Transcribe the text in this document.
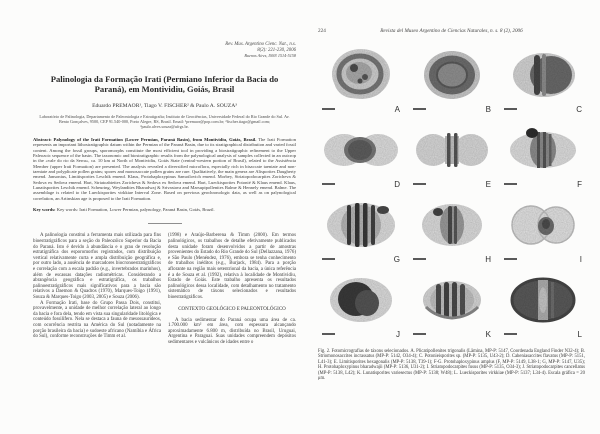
Rev. Mus. Argentino Cienc. Nat., n.s.
8(2): 221-230, 2006
Buenos Aires, ISSN 1514-5158
Palinologia da Formação Irati (Permiano Inferior da Bacia do Paraná), em Montividiu, Goiás, Brasil
Eduardo PREMAOR¹, Tiago V. FISCHER² & Paulo A. SOUZA³
Laboratório de Palinologia, Departamento de Paleontologia e Estratigrafia; Instituto de Geociências, Universidade Federal do Rio Grande do Sul. Av. Bento Gonçalves, 9500, CEP 91.540-000, Porto Alegre, RS, Brasil. Email: ¹premaor@pop.com.br; ²fischer.tiago@gmail.com; ³paulo.alves.souza@ufrgs.br.

Abstract: Palynology of the Irati Formation (Lower Permian, Paraná Basin), from Montividiu, Goiás, Brasil. The Irati Formation represents an important lithostratigraphic datum within the Permian of the Paraná Basin, due to its stratigraphical distribution and varied fossil content. Among the fossil groups, sporomorphs constitute the most efficient tool in providing a biostratigraphic refinement to the Upper Paleozoic sequence of the basin. The taxonomic and biostratigraphic results from the palynological analysis of samples collected in an outcrop in the «vale do rio da Serra», ca. 10 km at North of Montividiu, Goiás State (central-western portion of Brasil), related to the Assistência Member (upper Irati Formation) are presented. The analysis revealed a diversified microflora, especially rich in bisaccate taeniate and non-taeniate and polyplicate pollen grains; spores and monosaccate pollen grains are rare. Qualitatively, the main genera are Alisporites Daugherty emend. Jansonius, Limitisporites Leschik emend. Klaus, Protohaploxypinus Samoilovich emend. Morbey, Striatopodocarpites Zoricheva & Sedova ex Sedova emend. Hart, Striatoabieites Zoricheva & Sedova ex Sedova emend. Hart, Lueckisporites Potonié & Klaus emend. Klaus, Lunatisporites Leschik emend. Scheuring, Weylandites Bharadwaj & Srivastava and Marsupipollenites Balme & Hennely emend. Balme. The assemblage is related to the Lueckisporites virkkiae Interval Zone. Based on previous geochronologic data, as well as on palynological correlation, an Artinskian age is proposed to the Irati Formation.

Key words: Key words: Irati Formation, Lower Permian, palynology, Paraná Basin, Goiás, Brazil.

A palinologia constitui a ferramenta mais utilizada para fins bioestratigráficos para a seção do Paleozóico Superior da Bacia do Paraná. Isto é devido à abundância e o grau de resolução estratigráfica dos esporomorfos registrados, com distribuição vertical relativamente curta e ampla distribuição geográfica e, por outro lado, a ausência de marcadores biocronoestratigráficos e correlação com a escala padrão (e.g., invertebrados marinhos), além de escassas datações radiométricas. Considerando a abrangência geográfica e estratigráfica, os trabalhos palinoestratigráficos mais significativos para a bacia são relativos a Daemon & Quadros (1970), Marques-Toigo (1991), Souza & Marques-Toigo (2003, 2005) e Souza (2006).

A Formação Irati, base do Grupo Passa Dois, constitui, provavelmente, a unidade de melhor correlação lateral ao longo da bacia e fora dela, tendo em vista sua singularidade litológica e conteúdo fossilífero. Nela se destaca a fauna de mesossaurídeos, com ocorrência restrita na América do Sul (notadamente na porção brasileira da bacia) e sudoeste africano (Namíbia e África do Sul), conforme reconstruções de Timm et al.

(1998) e Araújo-Barberena & Timm (2000). Em termos palinológicos, os trabalhos de detalhe efetivamente publicados desta unidade foram desenvolvidos a partir de amostras provenientes do Estado do Rio Grande do Sul (Dellazzana, 1976) e São Paulo (Menéndez, 1976), embora se tenha conhecimento de trabalhos inéditos (e.g., Burjack, 1984). Para a porção aflorante na região mais setentrional da bacia, a única referência é a de Souza et al. (1992), relativa à localidade de Montividiu, Estado de Goiás. Este trabalho apresenta os resultados palinológicos dessa localidade, com detalhamento no tratamento sistemático de táxons selecionados e resultados bioestratigráficos.

CONTEXTO GEOLÓGICO E PALEONTOLÓGICO

A bacia sedimentar do Paraná ocupa uma área de ca. 1.700.000 km² em área, com espessura alcançando aproximadamente 6.800 m, distribuída no Brasil, Uruguai, Argentina e Paraguai. Suas unidades compreendem depósitos sedimentares e vulcânicos de idades entre o

224	Revista del Museo Argentino de Ciencias Naturales, n. s. 8 (2), 2006
A	B	C
D	E	F
G	H	I
J	K	L

Fig. 2. Fotomicrografias de táxons selecionados. A. Plicatipollenites trigonalis (Lâmina, MP-P: 5147, Coordenada England Finder N32-4); B. Striomonosaccites incrassatus (MP-P: 5142, O34-4); C. Potonieisporites sp. (MP-P: 5135, U43-2); D. Caheniasaccites flavatus (MP-P: 5151, L41-3); E. Limitisporites hexagonalis (MP-P: 5138, T39-1); F-G. Protohaploxypinus amplus (F, MP-P: 5149, L38-1; G, MP-P: 5147, U35); H. Protohaploxypinus bharadwajii (MP-P: 5136, U31-2); I. Striatopodocarpites fusus (MP-P: 5135, O34-3); J. Striatopodocarpites cancellatus (MP-P: 5138, L42); K. Lunatisporites variesectus (MP-P: 5138; W48); L. Lueckisporites virkkiae (MP-P: 5137; L34-4). Escala gráfica = 20 μm.
